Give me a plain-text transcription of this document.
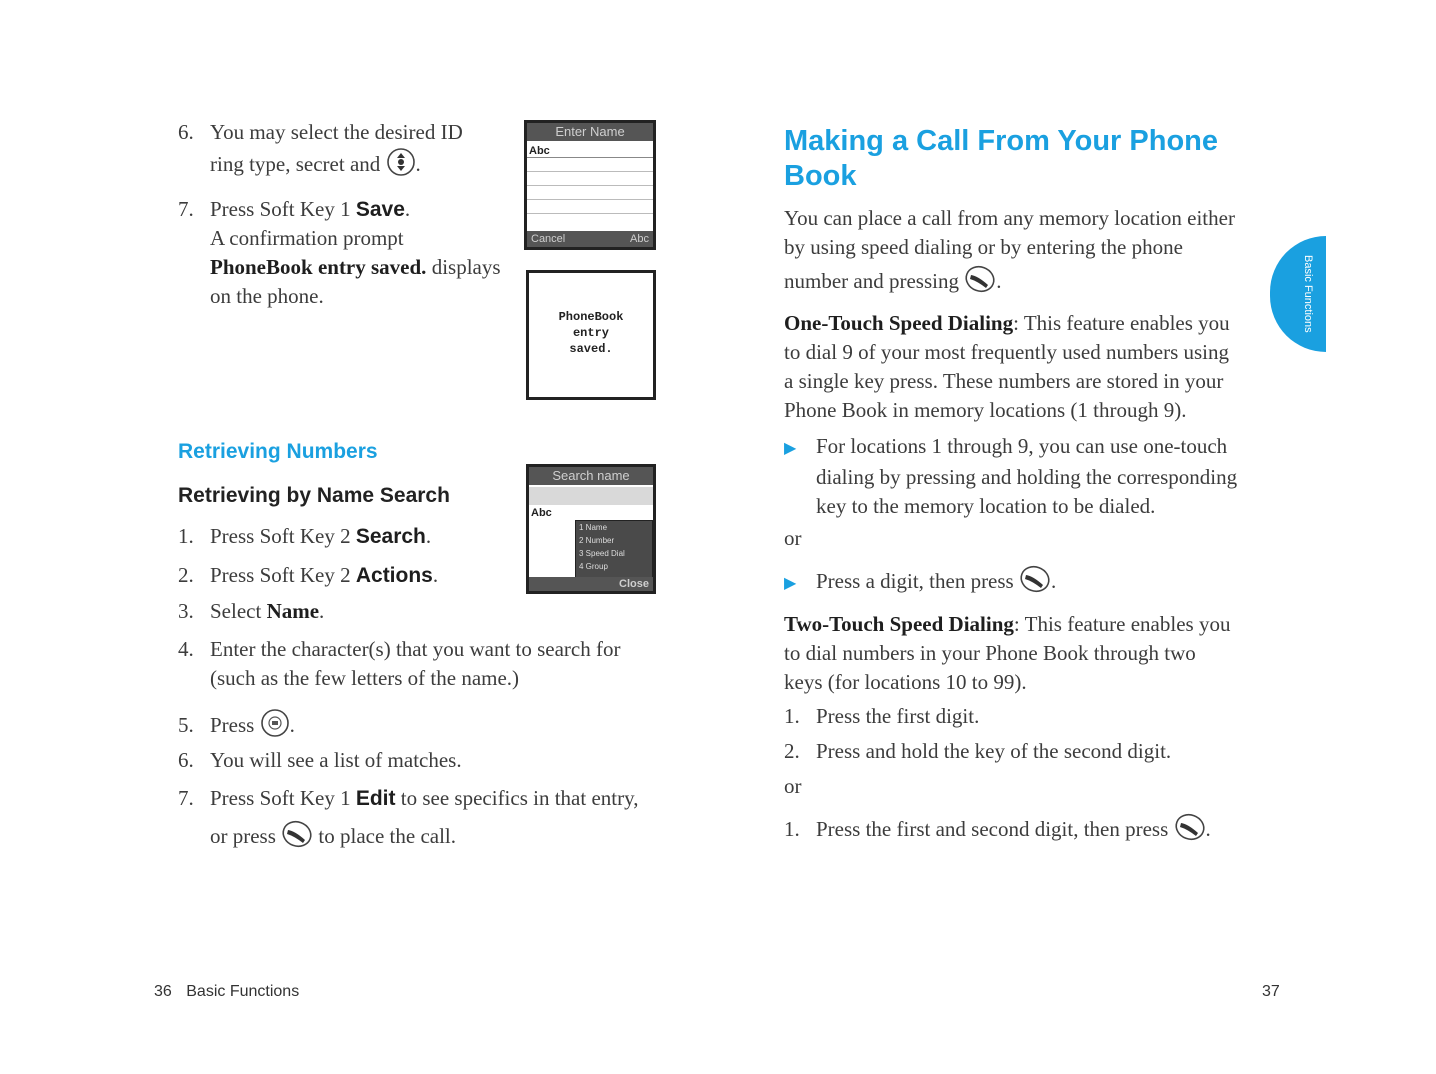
6. You may select the desired ID
ring type, secret and .
7. Press Soft Key 1 Save.
A confirmation prompt
PhoneBook entry saved. displays
on the phone.
Enter Name
Abc
Cancel	Abc
PhoneBook
entry
saved.
Retrieving Numbers
Retrieving by Name Search
Search name
Abc
1 Name
2 Number
3 Speed Dial
4 Group
Close
1. Press Soft Key 2 Search.
2. Press Soft Key 2 Actions.
3. Select Name.
4. Enter the character(s) that you want to search for
(such as the few letters of the name.)
5. Press .
6. You will see a list of matches.
7. Press Soft Key 1 Edit to see specifics in that entry,
or press  to place the call.
36 Basic Functions
Making a Call From Your Phone
Book
You can place a call from any memory location either
by using speed dialing or by entering the phone
number and pressing .
One-Touch Speed Dialing: This feature enables you
to dial 9 of your most frequently used numbers using
a single key press. These numbers are stored in your
Phone Book in memory locations (1 through 9).
▶ For locations 1 through 9, you can use one-touch
dialing by pressing and holding the corresponding
key to the memory location to be dialed.
or
▶ Press a digit, then press .
Two-Touch Speed Dialing: This feature enables you
to dial numbers in your Phone Book through two
keys (for locations 10 to 99).
1. Press the first digit.
2. Press and hold the key of the second digit.
or
1. Press the first and second digit, then press .
Basic Functions
37
